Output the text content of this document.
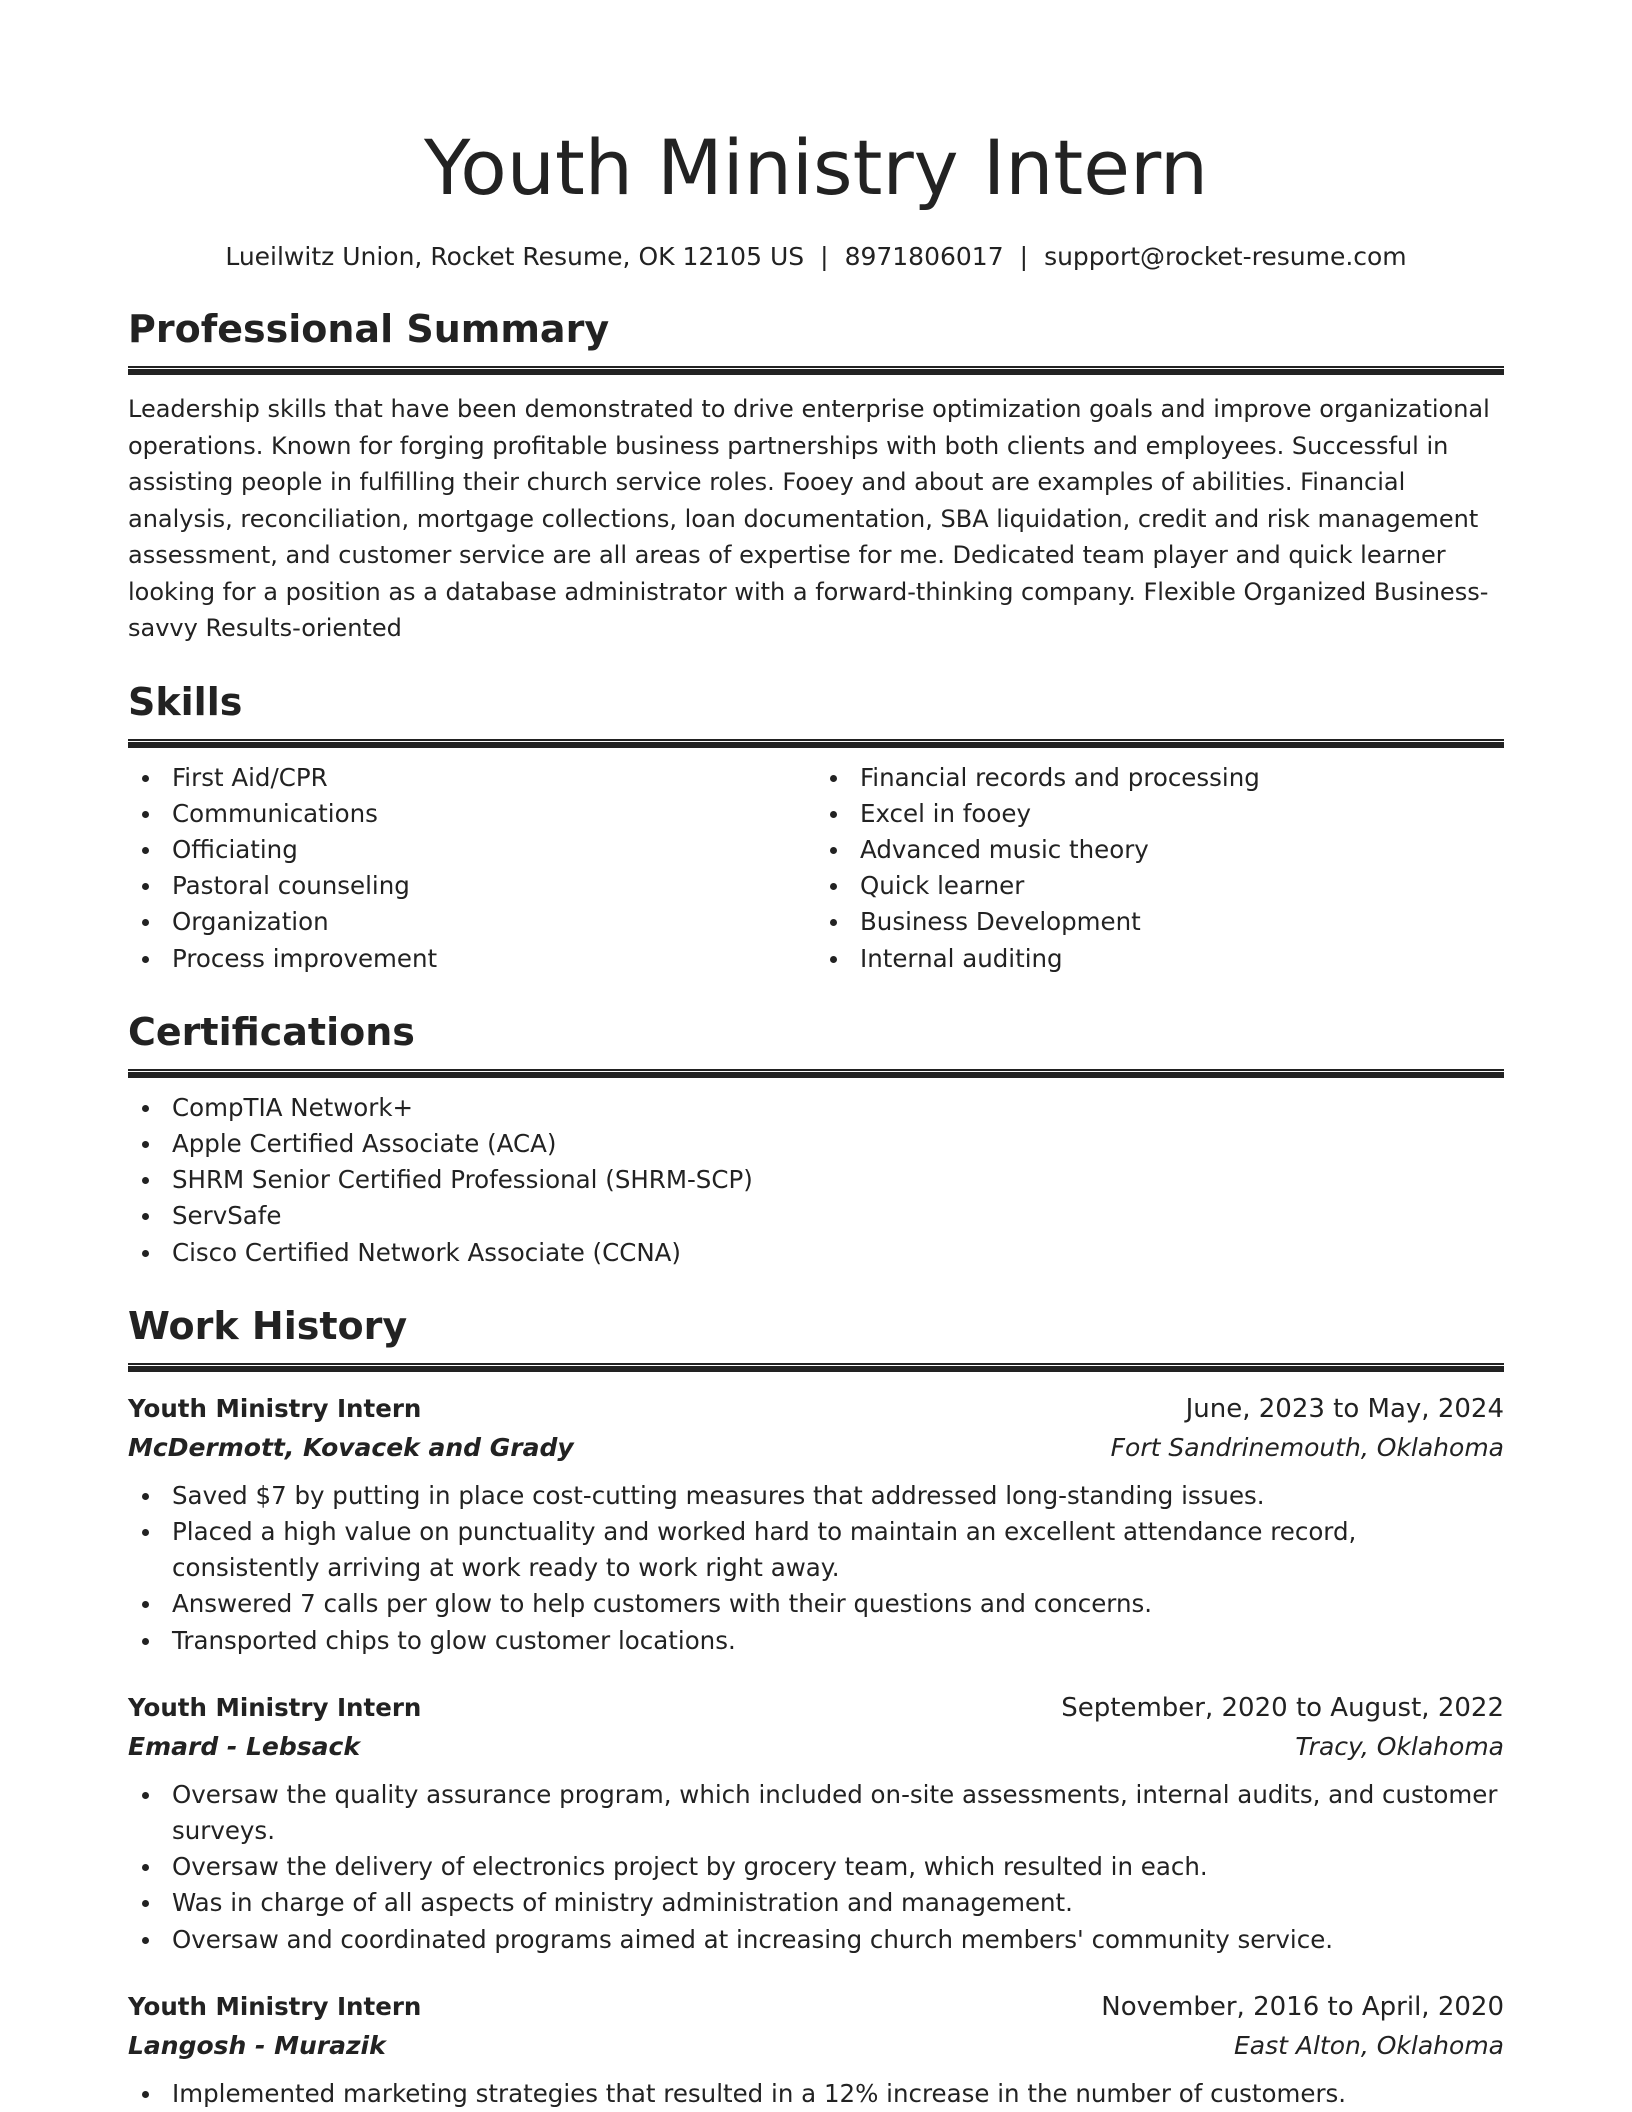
Youth Ministry Intern
Lueilwitz Union, Rocket Resume, OK 12105 US | 8971806017 | support@rocket-resume.com
Professional Summary

Leadership skills that have been demonstrated to drive enterprise optimization goals and improve organizational operations. Known for forging profitable business partnerships with both clients and employees. Successful in assisting people in fulfilling their church service roles. Fooey and about are examples of abilities. Financial analysis, reconciliation, mortgage collections, loan documentation, SBA liquidation, credit and risk management assessment, and customer service are all areas of expertise for me. Dedicated team player and quick learner looking for a position as a database administrator with a forward-thinking company. Flexible Organized Business-savvy Results-oriented

Skills
First Aid/CPR
Communications
Officiating
Pastoral counseling
Organization
Process improvement
Financial records and processing
Excel in fooey
Advanced music theory
Quick learner
Business Development
Internal auditing
Certifications
CompTIA Network+
Apple Certified Associate (ACA)
SHRM Senior Certified Professional (SHRM-SCP)
ServSafe
Cisco Certified Network Associate (CCNA)
Work History
Youth Ministry Intern	June, 2023 to May, 2024
McDermott, Kovacek and Grady	Fort Sandrinemouth, Oklahoma
Saved $7 by putting in place cost-cutting measures that addressed long-standing issues.
Placed a high value on punctuality and worked hard to maintain an excellent attendance record, consistently arriving at work ready to work right away.
Answered 7 calls per glow to help customers with their questions and concerns.
Transported chips to glow customer locations.
Youth Ministry Intern	September, 2020 to August, 2022
Emard - Lebsack	Tracy, Oklahoma
Oversaw the quality assurance program, which included on-site assessments, internal audits, and customer surveys.
Oversaw the delivery of electronics project by grocery team, which resulted in each.
Was in charge of all aspects of ministry administration and management.
Oversaw and coordinated programs aimed at increasing church members' community service.
Youth Ministry Intern	November, 2016 to April, 2020
Langosh - Murazik	East Alton, Oklahoma
Implemented marketing strategies that resulted in a 12% increase in the number of customers.
